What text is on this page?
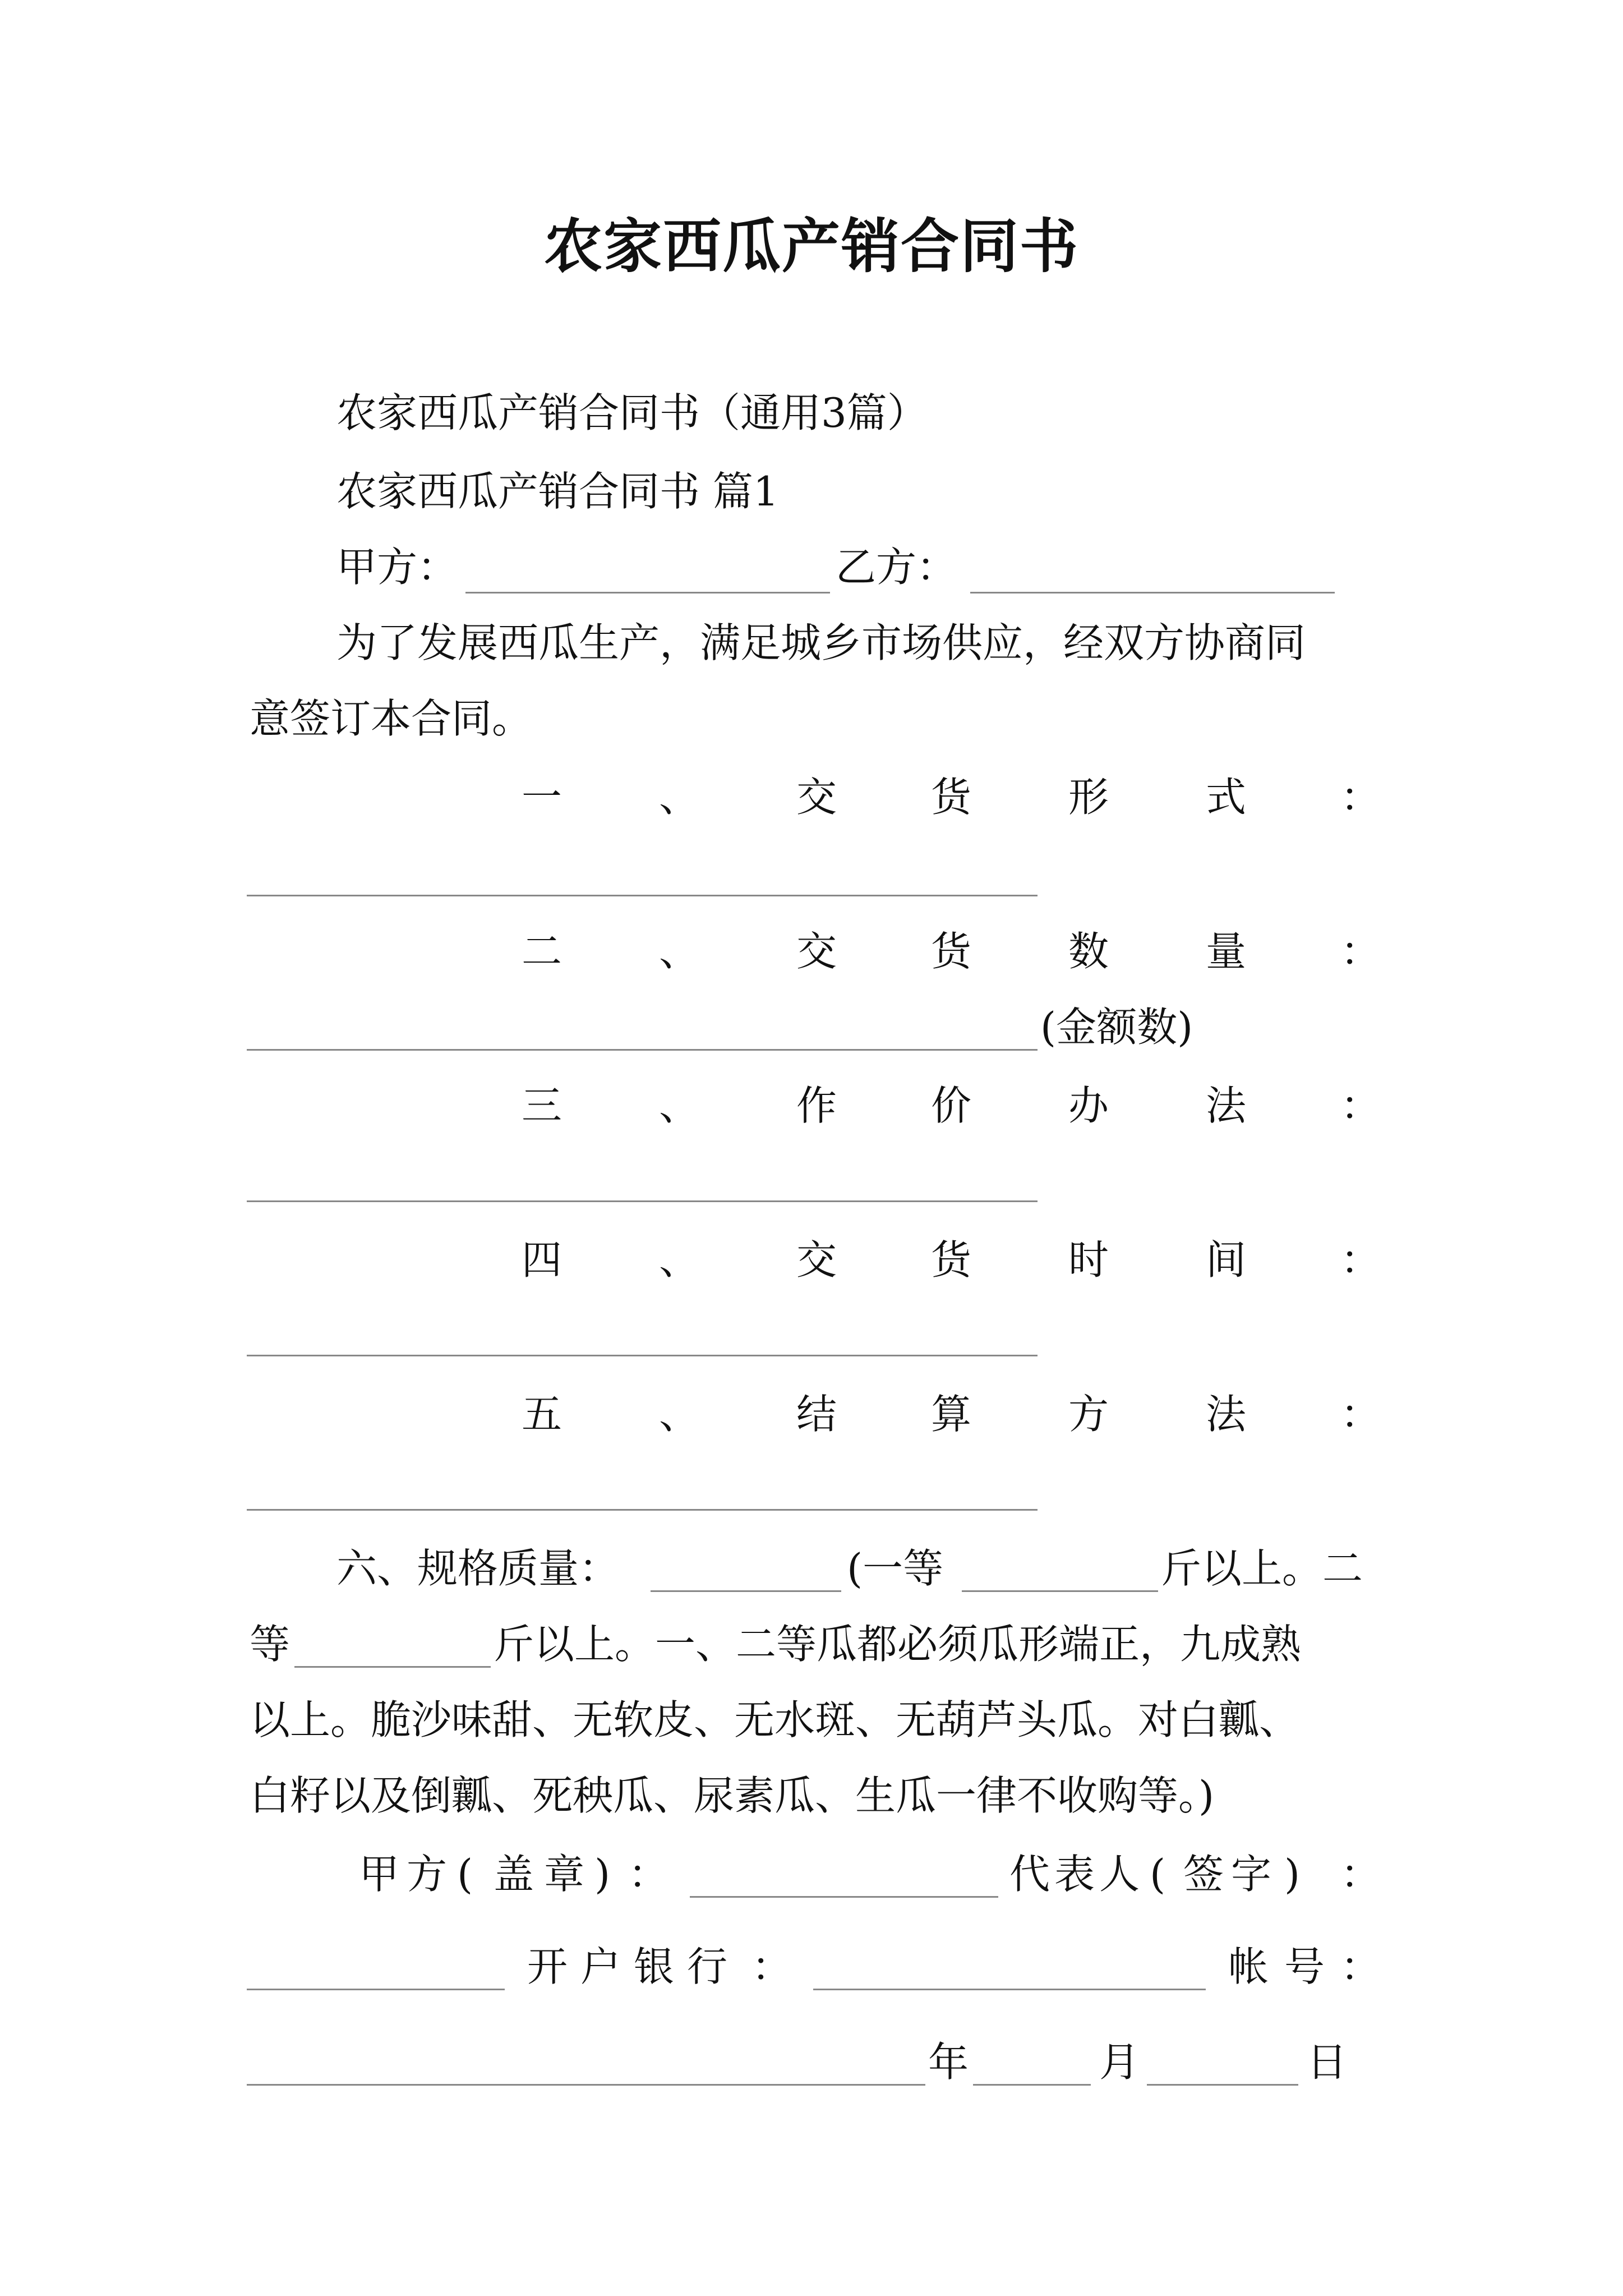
农家西瓜产销合同书
农家西瓜产销合同书（通用3篇）
农家西瓜产销合同书 篇1
甲方：	乙方：
为了发展西瓜生产，满足城乡市场供应，经双方协商同
意签订本合同。
一 、 交 货 形 式 ：
二 、 交 货 数 量 ：
(金额数)
三 、 作 价 办 法 ：
四 、 交 货 时 间 ：
五 、 结 算 方 法 ：
六、规格质量：	(一等	斤以上。二
等	斤以上。一、二等瓜都必须瓜形端正，九成熟
以上。脆沙味甜、无软皮、无水斑、无葫芦头瓜。对白瓤、
白籽以及倒瓤、死秧瓜、尿素瓜、生瓜一律不收购等。)
甲 方 ( 盖 章 ) ：	代 表 人 ( 签 字 ) ：
开 户 银 行 ：	帐 号 ：
年	月	日
